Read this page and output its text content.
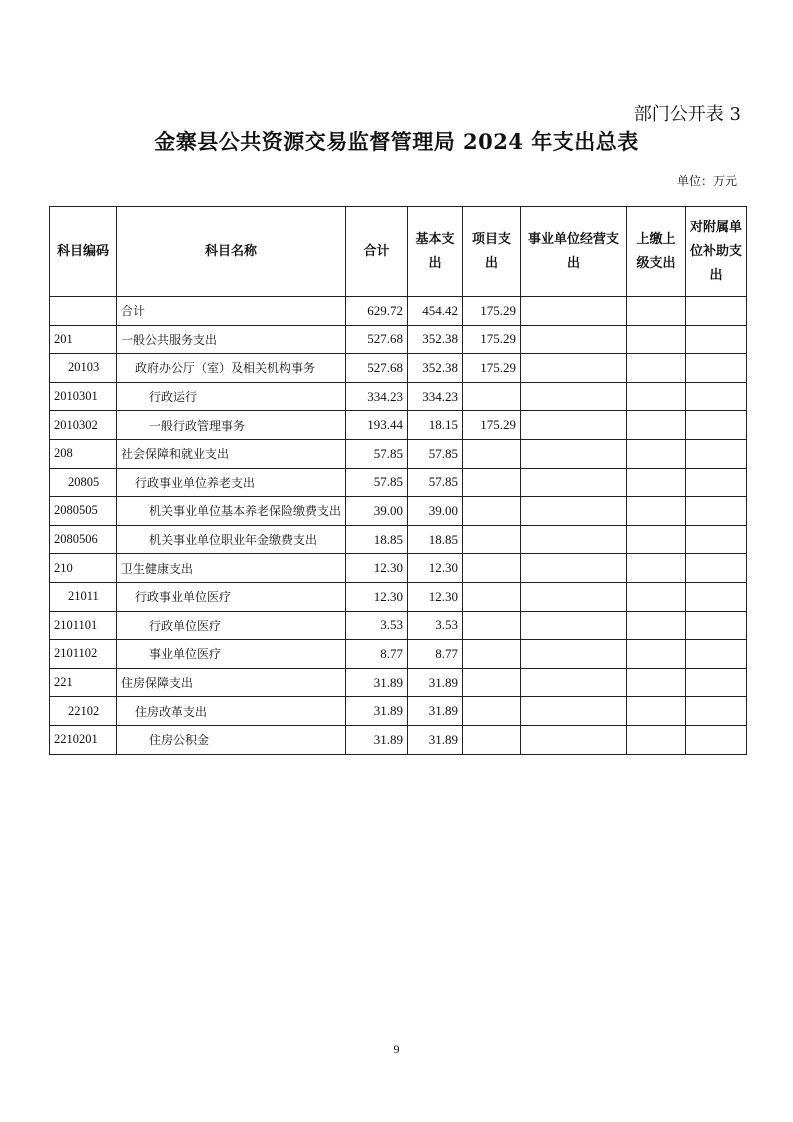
部门公开表 3
金寨县公共资源交易监督管理局 2024 年支出总表
单位：万元
科目编码	科目名称	合计	基本支出	项目支出	事业单位经营支出	上缴上级支出	对附属单位补助支出
	合计	629.72	454.42	175.29			
201	一般公共服务支出	527.68	352.38	175.29			
20103	政府办公厅（室）及相关机构事务	527.68	352.38	175.29			
2010301	行政运行	334.23	334.23				
2010302	一般行政管理事务	193.44	18.15	175.29			
208	社会保障和就业支出	57.85	57.85				
20805	行政事业单位养老支出	57.85	57.85				
2080505	机关事业单位基本养老保险缴费支出	39.00	39.00				
2080506	机关事业单位职业年金缴费支出	18.85	18.85				
210	卫生健康支出	12.30	12.30				
21011	行政事业单位医疗	12.30	12.30				
2101101	行政单位医疗	3.53	3.53				
2101102	事业单位医疗	8.77	8.77				
221	住房保障支出	31.89	31.89				
22102	住房改革支出	31.89	31.89				
2210201	住房公积金	31.89	31.89				
9
